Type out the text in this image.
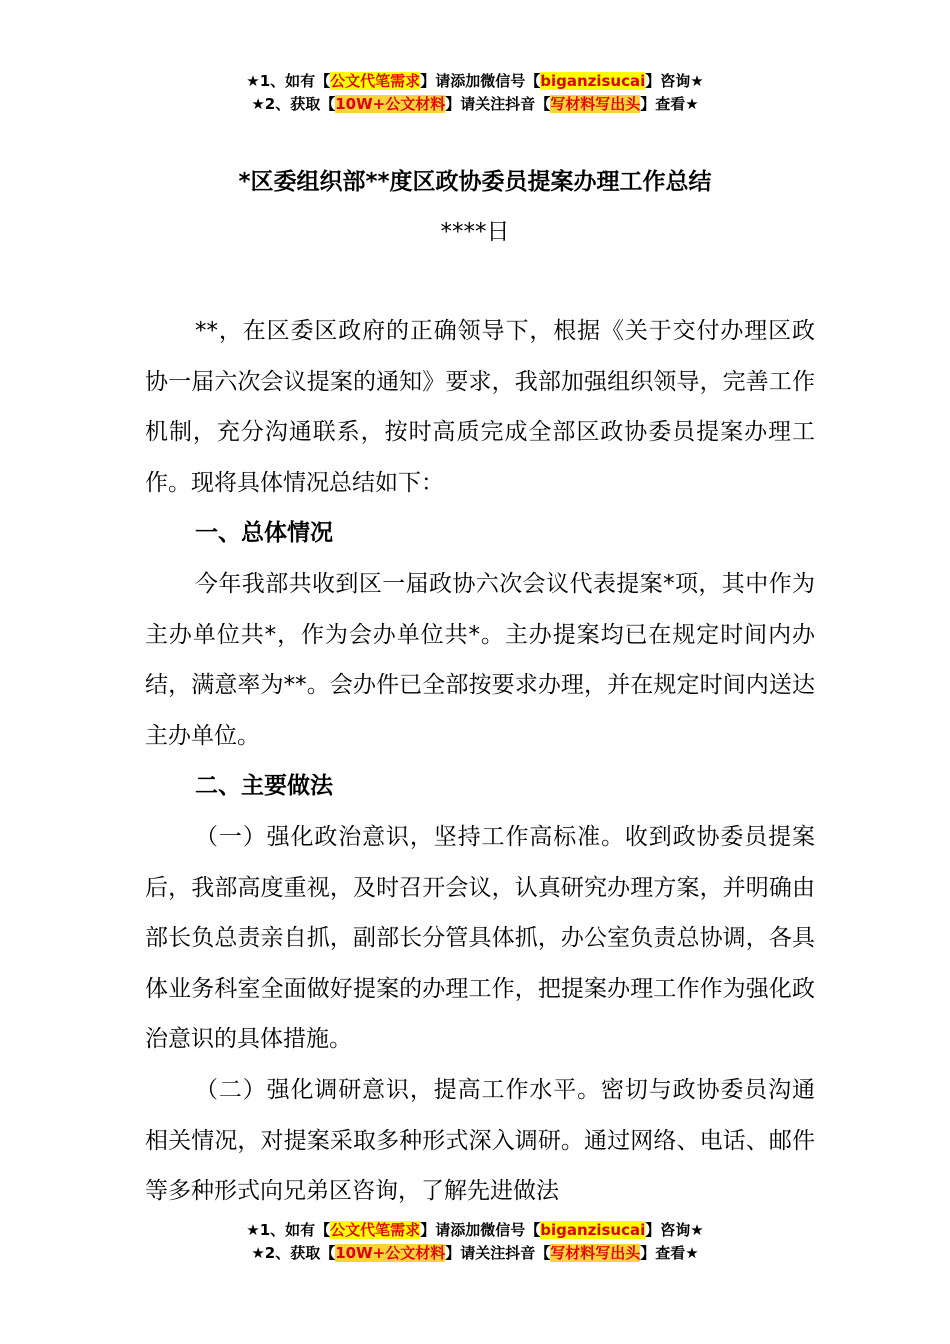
★1、如有【公文代笔需求】请添加微信号【biganzisucai】咨询★
★2、获取【10W+公文材料】请关注抖音【写材料写出头】查看★
*区委组织部**度区政协委员提案办理工作总结
****日

**，在区委区政府的正确领导下，根据《关于交付办理区政协一届六次会议提案的通知》要求，我部加强组织领导，完善工作机制，充分沟通联系，按时高质完成全部区政协委员提案办理工作。现将具体情况总结如下：

一、总体情况

今年我部共收到区一届政协六次会议代表提案*项，其中作为主办单位共*，作为会办单位共*。主办提案均已在规定时间内办结，满意率为**。会办件已全部按要求办理，并在规定时间内送达主办单位。

二、主要做法

（一）强化政治意识，坚持工作高标准。收到政协委员提案后，我部高度重视，及时召开会议，认真研究办理方案，并明确由部长负总责亲自抓，副部长分管具体抓，办公室负责总协调，各具体业务科室全面做好提案的办理工作，把提案办理工作作为强化政治意识的具体措施。

（二）强化调研意识，提高工作水平。密切与政协委员沟通相关情况，对提案采取多种形式深入调研。通过网络、电话、邮件等多种形式向兄弟区咨询，了解先进做法

★1、如有【公文代笔需求】请添加微信号【biganzisucai】咨询★
★2、获取【10W+公文材料】请关注抖音【写材料写出头】查看★
